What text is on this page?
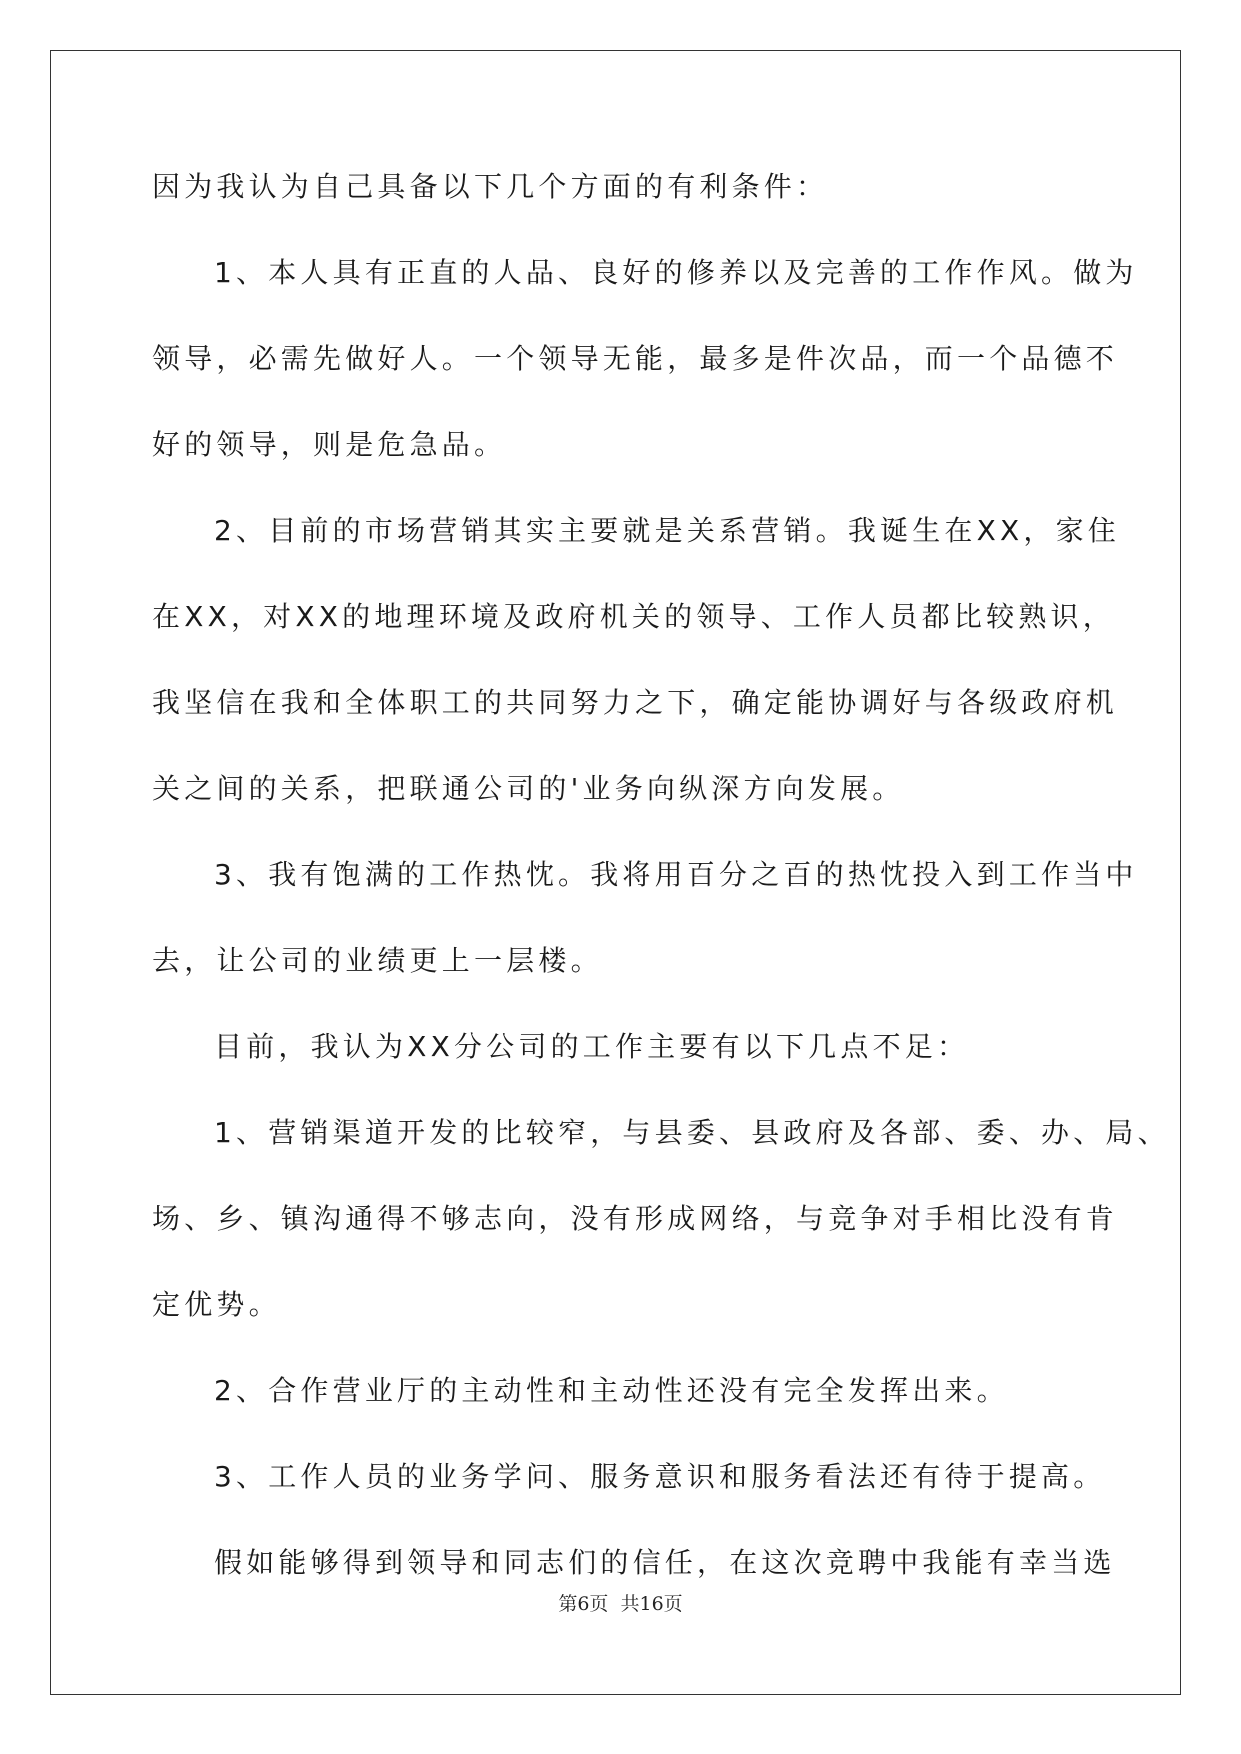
因为我认为自己具备以下几个方面的有利条件：
1、本人具有正直的人品、良好的修养以及完善的工作作风。做为
领导，必需先做好人。一个领导无能，最多是件次品，而一个品德不
好的领导，则是危急品。
2、目前的市场营销其实主要就是关系营销。我诞生在XX，家住
在XX，对XX的地理环境及政府机关的领导、工作人员都比较熟识，
我坚信在我和全体职工的共同努力之下，确定能协调好与各级政府机
关之间的关系，把联通公司的'业务向纵深方向发展。
3、我有饱满的工作热忱。我将用百分之百的热忱投入到工作当中
去，让公司的业绩更上一层楼。
目前，我认为XX分公司的工作主要有以下几点不足：
1、营销渠道开发的比较窄，与县委、县政府及各部、委、办、局、
场、乡、镇沟通得不够志向，没有形成网络，与竞争对手相比没有肯
定优势。
2、合作营业厅的主动性和主动性还没有完全发挥出来。
3、工作人员的业务学问、服务意识和服务看法还有待于提高。
假如能够得到领导和同志们的信任，在这次竞聘中我能有幸当选
第6页  共16页
